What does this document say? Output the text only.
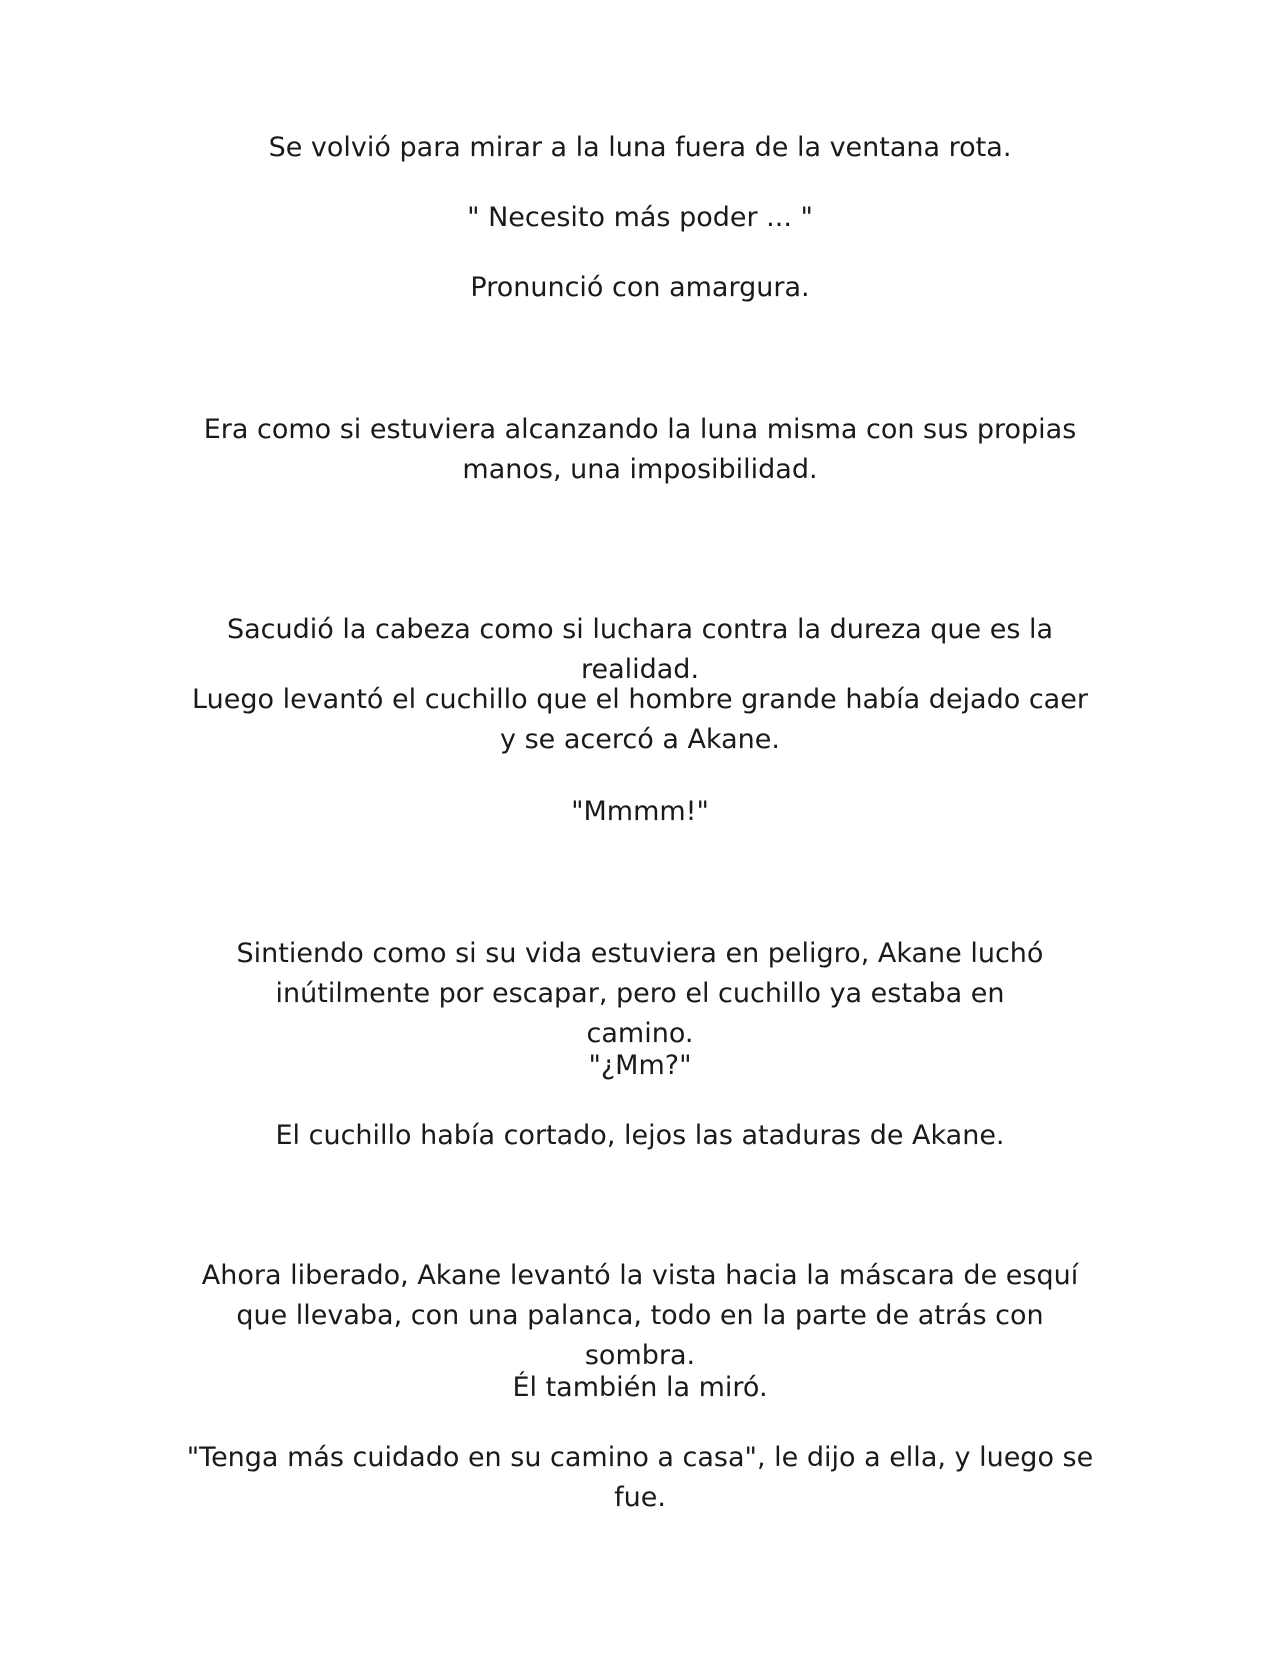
Se volvió para mirar a la luna fuera de la ventana rota.

" Necesito más poder ... "

Pronunció con amargura.

Era como si estuviera alcanzando la luna misma con sus propias manos, una imposibilidad.

Sacudió la cabeza como si luchara contra la dureza que es la realidad.

Luego levantó el cuchillo que el hombre grande había dejado caer y se acercó a Akane.

"Mmmm!"

Sintiendo como si su vida estuviera en peligro, Akane luchó inútilmente por escapar, pero el cuchillo ya estaba en camino.

"¿Mm?"

El cuchillo había cortado, lejos las ataduras de Akane.

Ahora liberado, Akane levantó la vista hacia la máscara de esquí que llevaba, con una palanca, todo en la parte de atrás con sombra.

Él también la miró.

"Tenga más cuidado en su camino a casa", le dijo a ella, y luego se fue.
